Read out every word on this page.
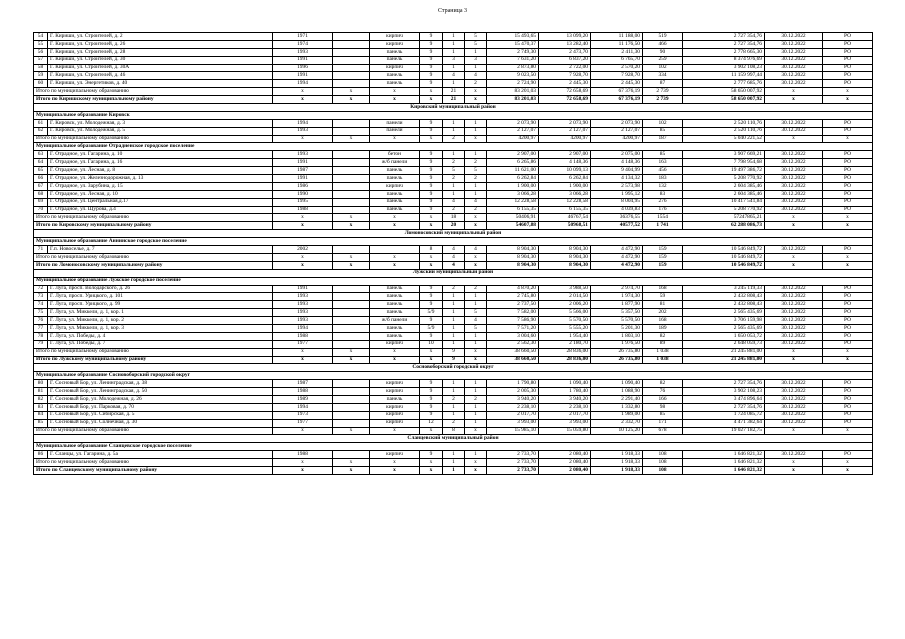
Страница 3
54	Г. Кириши, ул. Строителей, д. 2	1971		кирпич	9	1	5	15 493,65	13 099,20	11 188,00	519	2 727 354,76	30.12.2022	РО
55	Г. Кириши, ул. Строителей, д. 26	1974		кирпич	9	1	5	15 470,37	13 282,40	11 176,50	466	2 727 354,76	30.12.2022	РО
56	Г. Кириши, ул. Строителей, д. 28	1993		панель	9	1	1	2 749,30	2 473,70	2 411,30	90	2 778 665,30	30.12.2022	РО
57	Г. Кириши, ул. Строителей, д. 30	1991		панель	9	3	3	7 631,20	6 837,20	6 765,70	259	8 374 976,69	30.12.2022	РО
58	Г. Кириши, ул. Строителей, д. 30А	1996		кирпич	9	1	1	2 873,80	2 722,00	2 570,20	102	3 902 108,23	30.12.2022	РО
59	Г. Кириши, ул. Строителей, д. 46	1991		панель	9	4	4	9 023,50	7 928,70	7 928,70	334	11 159 997,44	30.12.2022	РО
60	Г. Кириши, ул. Энергетиков, д. 40	1994		панель	9	1	2	2 724,90	2 445,30	2 445,30	87	2 777 685,76	30.12.2022	РО
Итого по муниципальному образованию		x	x	x	x	21	x	83 201,03	72 658,69	67 376,19	2 739	58 650 007,92	x	x
Итого по Киришскому муниципальному району		x	x	x	x	21	x	83 201,03	72 658,69	67 376,19	2 739	58 650 007,92	x	x
Кировский муниципальный район														
Муниципальное образование Кировск														
61	Г. Кировск, ул. Молодежная, д. 3	1994		панели	9	1	1	2 073,90	2 073,90	2 073,90	102	2 520 110,76	30.12.2022	РО
62	Г. Кировск, ул. Молодежная, д. 5	1993		панели	9	1	1	2 127,07	2 127,07	2 127,07	85	2 520 110,76	30.12.2022	РО
Итого по муниципальному образованию		x	x	x	x	2	x	4200,97	4200,97	4200,97	187	5 040 221,52	x	x
Муниципальное образование Отрадненское городское поселение														
63	Г. Отрадное, ул. Гагарина, д. 10	1993		бетон	9	1	1	2 907,00	2 907,00	2 075,00	85	3 907 669,21	30.12.2022	РО
64	Г. Отрадное, ул. Гагарина, д. 16	1991		ж/б панели	9	2	2	6 265,86	4 148,36	4 148,36	163	7 798 954,68	30.12.2022	РО
65	Г. Отрадное, ул. Лесная, д. 8	1987		панель	9	5	5	11 621,00	10 099,13	9 404,99	456	19 497 386,72	30.12.2022	РО
66	Г. Отрадное, ул. Железнодорожная, д. 13	1991		панель	9	2	2	6 262,84	6 262,84	4 134,32	183	5 208 770,92	30.12.2022	РО
67	Г. Отрадное, ул. Зарубина, д. 15	1986		кирпич	9	1	1	1 900,00	1 900,00	2 573,98	132	2 604 385,46	30.12.2022	РО
68	Г. Отрадное, ул. Лесная, д. 10	1990		панель	9	1	1	3 066,28	3 066,28	1 995,12	83	2 604 385,46	30.12.2022	РО
69	Г. Отрадное, ул. Центральная,д.17	1995		панель	9	4	4	12 228,58	12 228,58	8 004,95	276	10 417 541,84	30.12.2022	РО
70	Г. Отрадное, ул. Щурова, д.4	1988		панель	9	2	2	6 155,35	6 155,35	4 039,83	176	5 208 770,92	30.12.2022	РО
Итого по муниципальному образованию		x	x	x	x	18	x	50406,91	46767,54	36376,55	1554	57247865,21	x	x
Итого по Кировскому муниципальному району		x	x	x	x	20	x	54607,88	50968,51	40577,52	1 741	62 288 086,73	x	x
Ломоносовский муниципальный район														
Муниципальное образование Аннинское городское поселение														
71	Г.п. Новоселье, д. 7	2002			8	4	4	8 904,30	8 904,30	4 472,90	159	10 546 849,72	30.12.2022	РО
Итого по муниципальному образованию		x	x	x	x	4	x	8 904,30	8 904,30	4 472,90	159	10 546 849,72	x	x
Итого по Ломоносовскому муниципальному району		x	x	x	x	4	x	8 904,30	8 904,30	4 472,90	159	10 546 849,72	x	x
Лужский муниципальный район														
Муниципальное образование Лужское городское поселение														
72	Г. Луга, просп. Володарского, д. 26	1991		панель	9	2	2	4 870,20	3 988,50	2 974,70	168	3 245 119,33	30.12.2022	РО
73	Г. Луга, просп. Урицкого, д. 101	1993		панель	9	1	1	2 745,80	2 014,50	1 974,30	59	2 432 808,43	30.12.2022	РО
74	Г. Луга, просп. Урицкого, д. 99	1993		панель	9	1	1	2 737,50	2 006,20	1 877,90	81	2 432 808,43	30.12.2022	РО
75	Г. Луга, ул. Миккели, д. 1, кор. 1	1993		панель	5/9	1	5	7 582,00	5 566,00	5 357,50	202	2 565 435,69	30.12.2022	РО
76	Г. Луга, ул. Миккели, д. 1, кор. 2	1993		ж/б панели	9	1	4	7 586,90	5 570,50	5 570,50	168	3 706 159,98	30.12.2022	РО
77	Г. Луга, ул. Миккели, д. 1, кор. 3	1994		панель	5/9	1	5	7 571,20	5 555,20	5 201,30	189	2 565 435,69	30.12.2022	РО
78	Г. Луга, ул. Победы, д. 4	1988		панель	9	1	1	3 004,60	1 954,40	1 803,10	82	1 650 053,72	30.12.2022	РО
79	Г. Луга, ул. Победы, д. 7	1977		кирпич	10	1	1	2 562,30	2 180,70	1 976,50	89	2 648 059,73	30.12.2022	РО
Итого по муниципальному образованию		x	x	x	x	9	x	38 660,50	28 836,00	26 735,80	1 038	21 245 881,00	x	x
Итого по Лужскому муниципальному району		x	x	x	x	9	x	38 660,50	28 836,00	26 735,80	1 038	21 245 881,00	x	x
Сосновоборский городской округ														
Муниципальное образование Сосновоборский городской округ														
80	Г. Сосновый Бор, ул. Ленинградская, д. 38	1987		кирпич	9	1	1	1 790,80	1 090,40	1 090,40	82	2 727 354,76	30.12.2022	РО
81	Г. Сосновый Бор, ул. Ленинградская, д. 50	1988		кирпич	9	1	1	2 005,30	1 780,40	1 088,90	76	3 902 108,23	30.12.2022	РО
82	Г. Сосновый Бор, ул. Молодежная, д. 26	1989		панель	9	2	2	3 940,20	3 940,20	2 291,40	166	3 474 896,64	30.12.2022	РО
83	Г. Сосновый Бор, ул. Парковая, д. 70	1994		кирпич	9	1	1	2 238,10	2 238,10	1 332,80	98	2 727 354,76	30.12.2022	РО
84	Г. Сосновый Бор, ул. Сибирская, д. 5	1973		кирпич	9	1	1	2 017,70	2 017,70	1 989,00	85	1 724 085,72	30.12.2022	РО
85	Г. Сосновый Бор, ул. Солнечная, д. 30	1977		кирпич	12	2	1	3 993,00	3 993,00	2 332,70	171	4 471 382,64	30.12.2022	РО
Итого по муниципальному образованию		x	x	x	x	8	x	15 985,10	15 059,80	10 125,20	678	19 027 182,75	x	x
Сланцевский муниципальный район														
Муниципальное образование Сланцевское городское поселение														
86	Г. Сланцы, ул. Гагарина, д. 5а	1988		кирпич	9	1	1	2 733,70	2 080,40	1 918,33	108	1 646 821,32	30.12.2022	РО
Итого по муниципальному образованию		x	x	x	x	1	x	2 733,70	2 080,40	1 918,33	108	1 646 821,32	x	x
Итого по Сланцевскому муниципальному району		x	x	x	x	1	x	2 733,70	2 080,40	1 918,33	108	1 646 821,32	x	x
